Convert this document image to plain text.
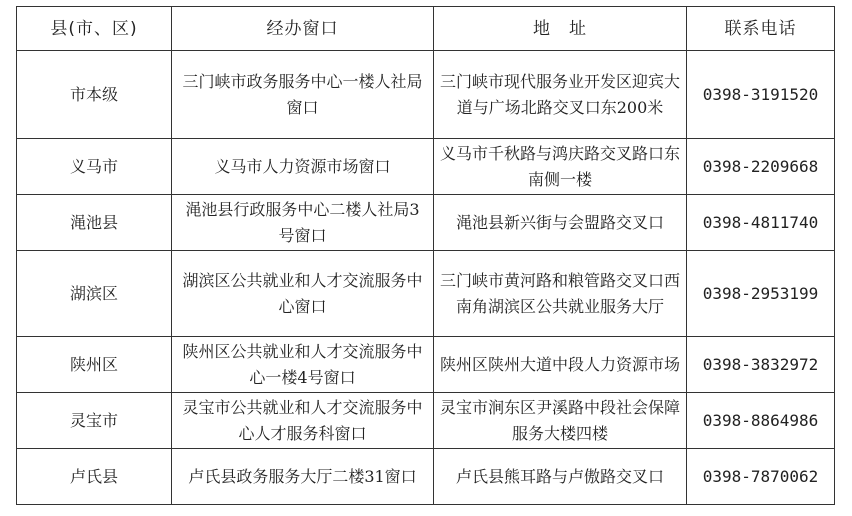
县(市、区)	经办窗口	地　址	联系电话
市本级	三门峡市政务服务中心一楼人社局窗口	三门峡市现代服务业开发区迎宾大道与广场北路交叉口东200米	0398-3191520
义马市	义马市人力资源市场窗口	义马市千秋路与鸿庆路交叉路口东南侧一楼	0398-2209668
渑池县	渑池县行政服务中心二楼人社局3号窗口	渑池县新兴街与会盟路交叉口	0398-4811740
湖滨区	湖滨区公共就业和人才交流服务中心窗口	三门峡市黄河路和粮管路交叉口西南角湖滨区公共就业服务大厅	0398-2953199
陕州区	陕州区公共就业和人才交流服务中心一楼4号窗口	陕州区陕州大道中段人力资源市场	0398-3832972
灵宝市	灵宝市公共就业和人才交流服务中心人才服务科窗口	灵宝市涧东区尹溪路中段社会保障服务大楼四楼	0398-8864986
卢氏县	卢氏县政务服务大厅二楼31窗口	卢氏县熊耳路与卢傲路交叉口	0398-7870062
